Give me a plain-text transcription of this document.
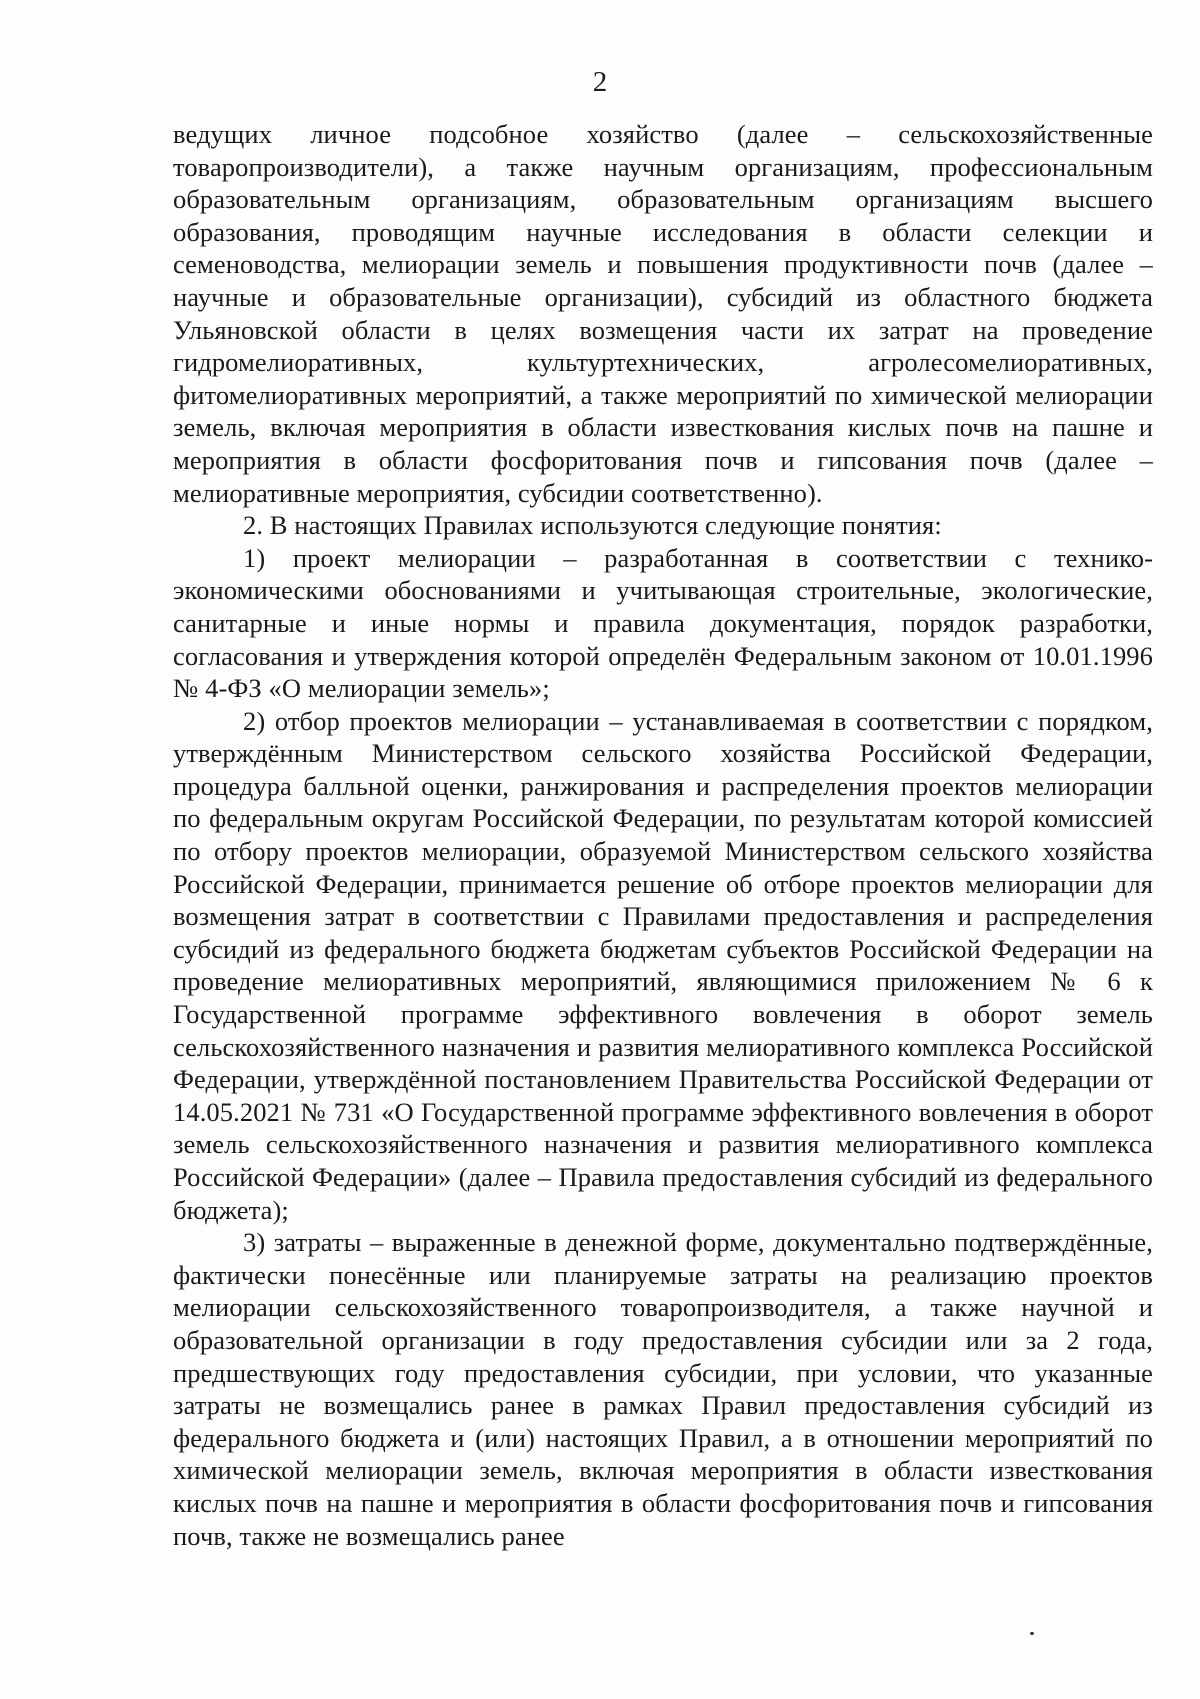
2

ведущих личное подсобное хозяйство (далее – сельскохозяйственные товаропроизводители), а также научным организациям, профессиональным образовательным организациям, образовательным организациям высшего образования, проводящим научные исследования в области селекции и семеноводства, мелиорации земель и повышения продуктивности почв (далее – научные и образовательные организации), субсидий из областного бюджета Ульяновской области в целях возмещения части их затрат на проведение гидромелиоративных, культуртехнических, агролесомелиоративных, фитомелиоративных мероприятий, а также мероприятий по химической мелиорации земель, включая мероприятия в области известкования кислых почв на пашне и мероприятия в области фосфоритования почв и гипсования почв (далее – мелиоративные мероприятия, субсидии соответственно).

2. В настоящих Правилах используются следующие понятия:

1) проект мелиорации – разработанная в соответствии с технико-экономическими обоснованиями и учитывающая строительные, экологические, санитарные и иные нормы и правила документация, порядок разработки, согласования и утверждения которой определён Федеральным законом от 10.01.1996 № 4-ФЗ «О мелиорации земель»;

2) отбор проектов мелиорации – устанавливаемая в соответствии с порядком, утверждённым Министерством сельского хозяйства Российской Федерации, процедура балльной оценки, ранжирования и распределения проектов мелиорации по федеральным округам Российской Федерации, по результатам которой комиссией по отбору проектов мелиорации, образуемой Министерством сельского хозяйства Российской Федерации, принимается решение об отборе проектов мелиорации для возмещения затрат в соответствии с Правилами предоставления и распределения субсидий из федерального бюджета бюджетам субъектов Российской Федерации на проведение мелиоративных мероприятий, являющимися приложением № 6 к Государственной программе эффективного вовлечения в оборот земель сельскохозяйственного назначения и развития мелиоративного комплекса Российской Федерации, утверждённой постановлением Правительства Российской Федерации от 14.05.2021 № 731 «О Государственной программе эффективного вовлечения в оборот земель сельскохозяйственного назначения и развития мелиоративного комплекса Российской Федерации» (далее – Правила предоставления субсидий из федерального бюджета);

3) затраты – выраженные в денежной форме, документально подтверждённые, фактически понесённые или планируемые затраты на реализацию проектов мелиорации сельскохозяйственного товаропроизводителя, а также научной и образовательной организации в году предоставления субсидии или за 2 года, предшествующих году предоставления субсидии, при условии, что указанные затраты не возмещались ранее в рамках Правил предоставления субсидий из федерального бюджета и (или) настоящих Правил, а в отношении мероприятий по химической мелиорации земель, включая мероприятия в области известкования кислых почв на пашне и мероприятия в области фосфоритования почв и гипсования почв, также не возмещались ранее
